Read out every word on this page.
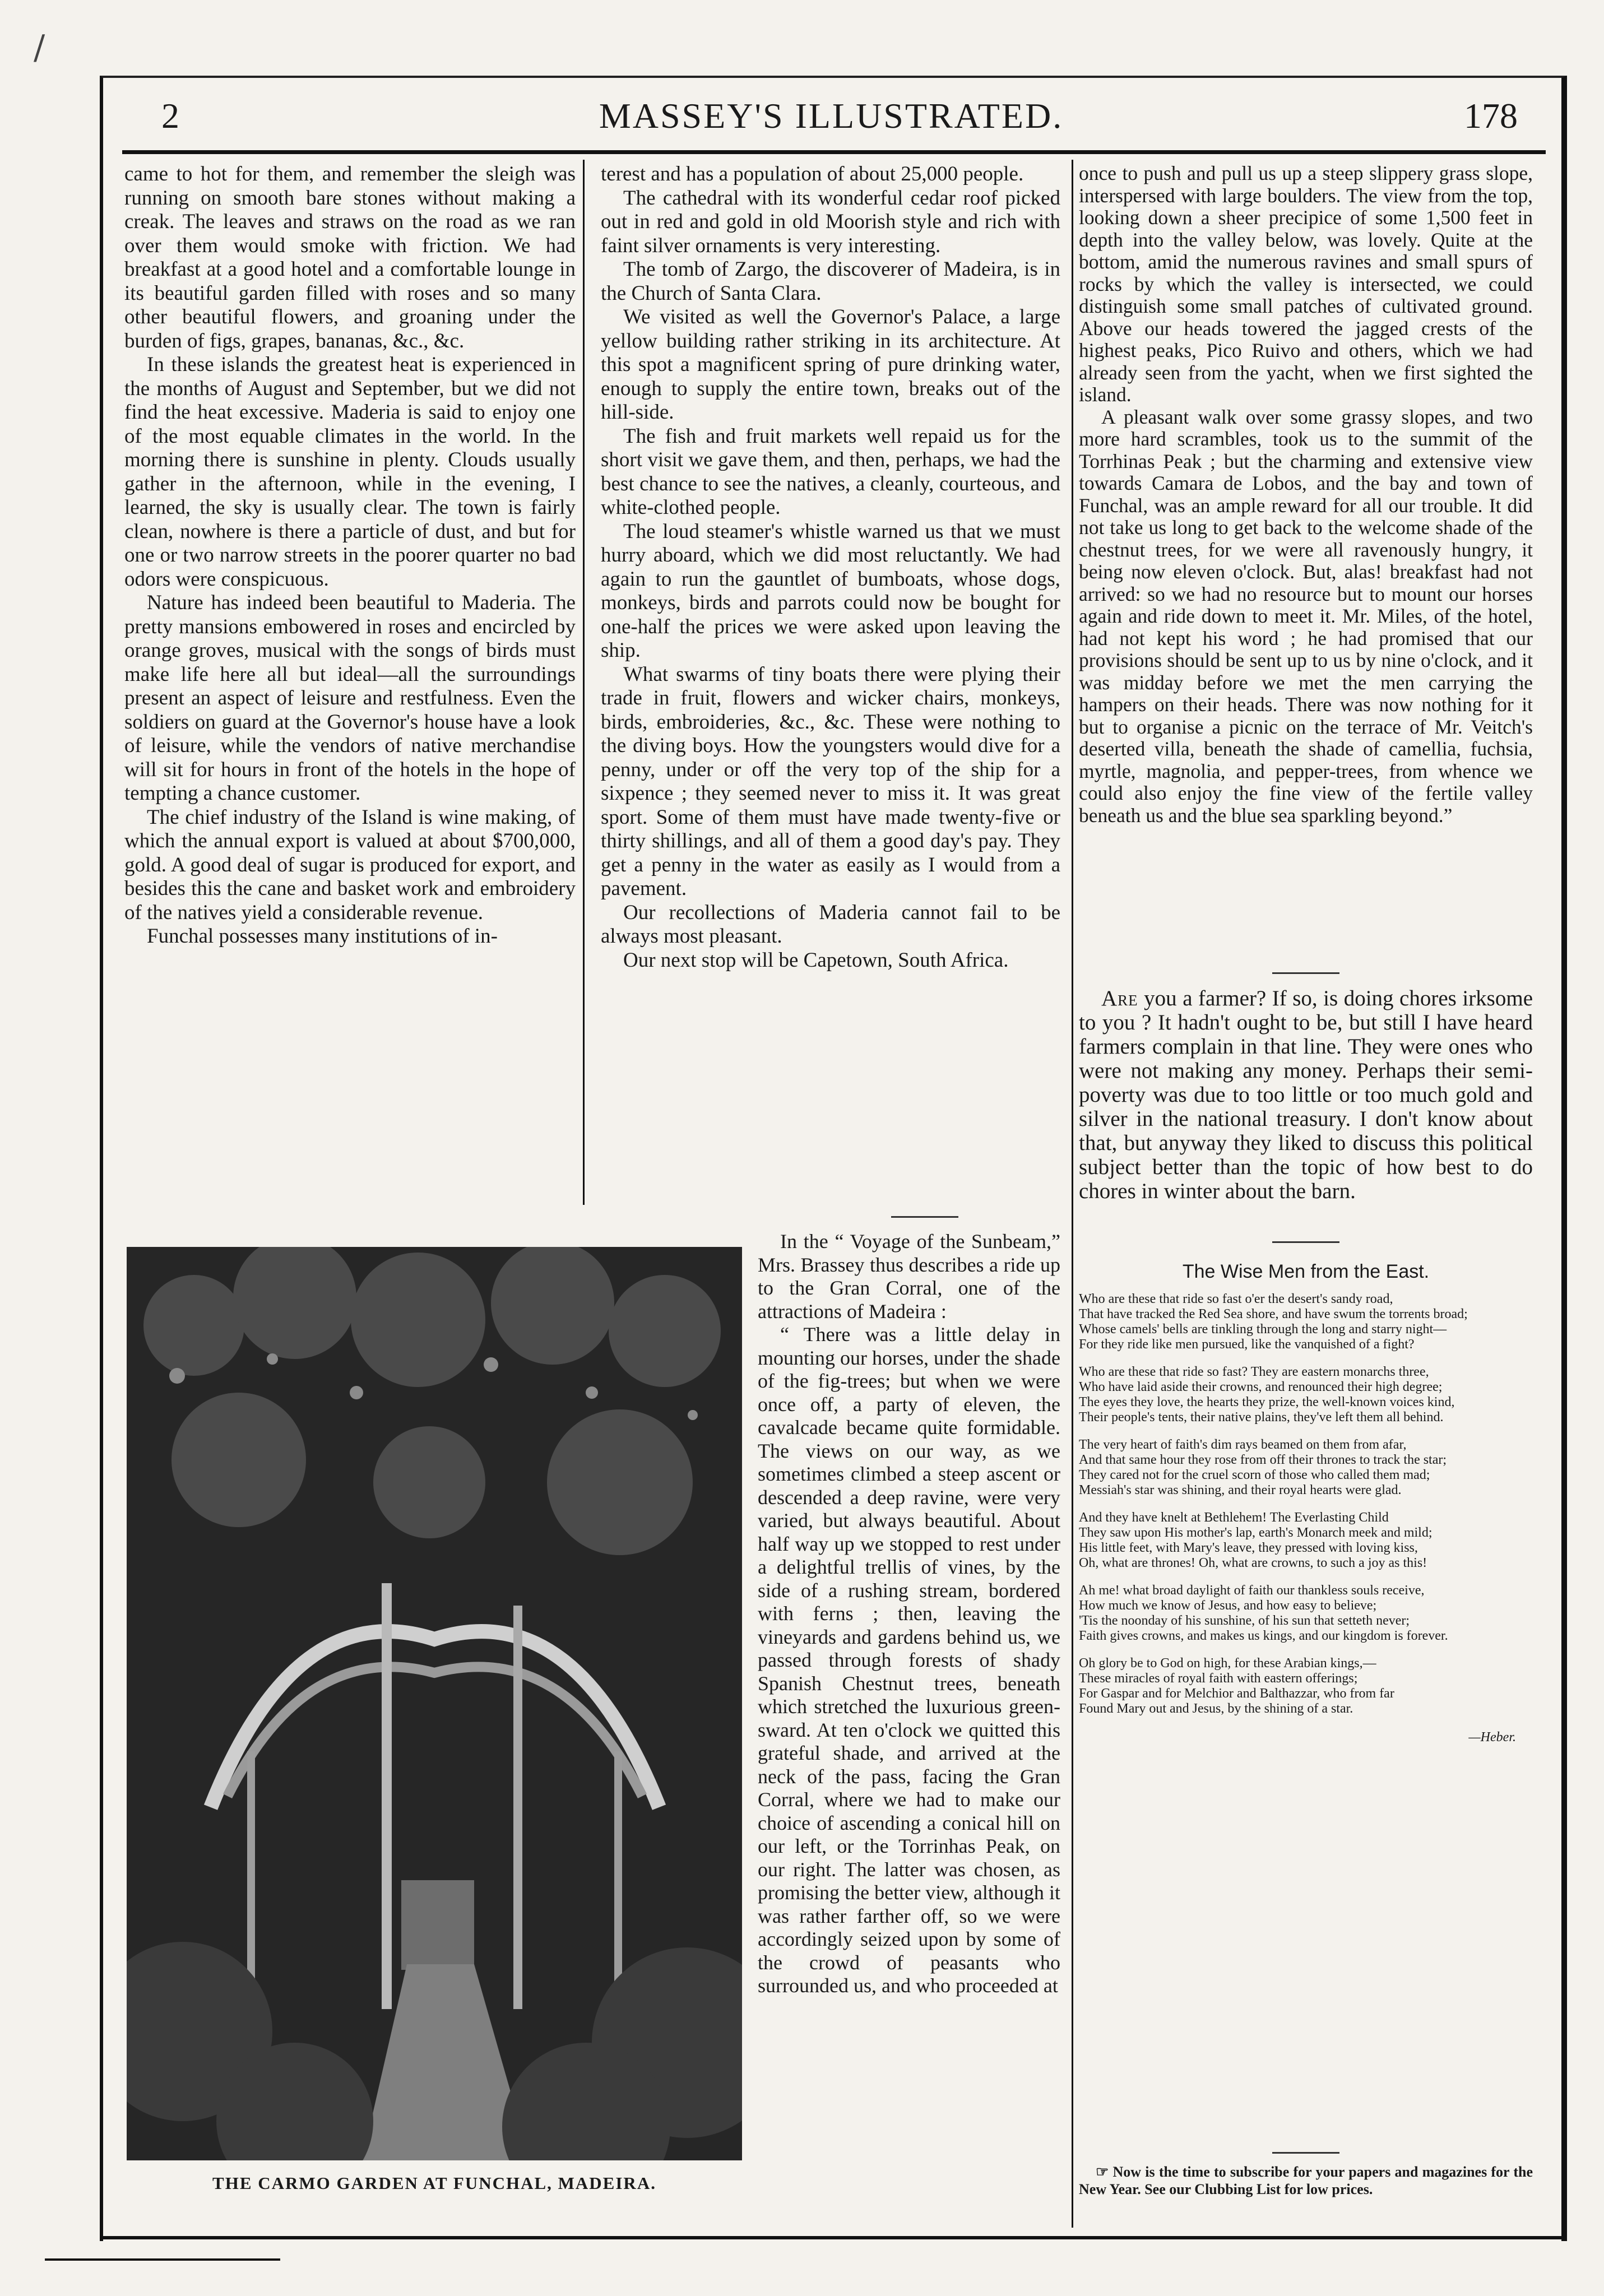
/
2	MASSEY'S ILLUSTRATED.	178

came to hot for them, and remember the sleigh was running on smooth bare stones without making a creak. The leaves and straws on the road as we ran over them would smoke with friction. We had breakfast at a good hotel and a comfortable lounge in its beautiful garden filled with roses and so many other beautiful flowers, and groaning under the burden of figs, grapes, bananas, &c., &c.

In these islands the greatest heat is experienced in the months of August and September, but we did not find the heat excessive. Maderia is said to enjoy one of the most equable climates in the world. In the morning there is sunshine in plenty. Clouds usually gather in the afternoon, while in the evening, I learned, the sky is usually clear. The town is fairly clean, nowhere is there a particle of dust, and but for one or two narrow streets in the poorer quarter no bad odors were conspicuous.

Nature has indeed been beautiful to Maderia. The pretty mansions embowered in roses and encircled by orange groves, musical with the songs of birds must make life here all but ideal—all the surroundings present an aspect of leisure and restfulness. Even the soldiers on guard at the Governor's house have a look of leisure, while the vendors of native merchandise will sit for hours in front of the hotels in the hope of tempting a chance customer.

The chief industry of the Island is wine making, of which the annual export is valued at about $700,000, gold. A good deal of sugar is produced for export, and besides this the cane and basket work and embroidery of the natives yield a considerable revenue.

Funchal possesses many institutions of in-

terest and has a population of about 25,000 people.

The cathedral with its wonderful cedar roof picked out in red and gold in old Moorish style and rich with faint silver ornaments is very interesting.

The tomb of Zargo, the discoverer of Madeira, is in the Church of Santa Clara.

We visited as well the Governor's Palace, a large yellow building rather striking in its architecture. At this spot a magnificent spring of pure drinking water, enough to supply the entire town, breaks out of the hill-side.

The fish and fruit markets well repaid us for the short visit we gave them, and then, perhaps, we had the best chance to see the natives, a cleanly, courteous, and white-clothed people.

The loud steamer's whistle warned us that we must hurry aboard, which we did most reluctantly. We had again to run the gauntlet of bumboats, whose dogs, monkeys, birds and parrots could now be bought for one-half the prices we were asked upon leaving the ship.

What swarms of tiny boats there were plying their trade in fruit, flowers and wicker chairs, monkeys, birds, embroideries, &c., &c. These were nothing to the diving boys. How the youngsters would dive for a penny, under or off the very top of the ship for a sixpence ; they seemed never to miss it. It was great sport. Some of them must have made twenty-five or thirty shillings, and all of them a good day's pay. They get a penny in the water as easily as I would from a pavement.

Our recollections of Maderia cannot fail to be always most pleasant.

Our next stop will be Capetown, South Africa.

In the “ Voyage of the Sunbeam,” Mrs. Brassey thus describes a ride up to the Gran Corral, one of the attractions of Madeira :

“ There was a little delay in mounting our horses, under the shade of the fig-trees; but when we were once off, a party of eleven, the cavalcade became quite formidable. The views on our way, as we sometimes climbed a steep ascent or descended a deep ravine, were very varied, but always beautiful. About half way up we stopped to rest under a delightful trellis of vines, by the side of a rushing stream, bordered with ferns ; then, leaving the vineyards and gardens behind us, we passed through forests of shady Spanish Chestnut trees, beneath which stretched the luxurious green-sward. At ten o'clock we quitted this grateful shade, and arrived at the neck of the pass, facing the Gran Corral, where we had to make our choice of ascending a conical hill on our left, or the Torrinhas Peak, on our right. The latter was chosen, as promising the better view, although it was rather farther off, so we were accordingly seized upon by some of the crowd of peasants who surrounded us, and who proceeded at

THE CARMO GARDEN AT FUNCHAL, MADEIRA.

once to push and pull us up a steep slippery grass slope, interspersed with large boulders. The view from the top, looking down a sheer precipice of some 1,500 feet in depth into the valley below, was lovely. Quite at the bottom, amid the numerous ravines and small spurs of rocks by which the valley is intersected, we could distinguish some small patches of cultivated ground. Above our heads towered the jagged crests of the highest peaks, Pico Ruivo and others, which we had already seen from the yacht, when we first sighted the island.

A pleasant walk over some grassy slopes, and two more hard scrambles, took us to the summit of the Torrhinas Peak ; but the charming and extensive view towards Camara de Lobos, and the bay and town of Funchal, was an ample reward for all our trouble. It did not take us long to get back to the welcome shade of the chestnut trees, for we were all ravenously hungry, it being now eleven o'clock. But, alas! breakfast had not arrived: so we had no resource but to mount our horses again and ride down to meet it. Mr. Miles, of the hotel, had not kept his word ; he had promised that our provisions should be sent up to us by nine o'clock, and it was midday before we met the men carrying the hampers on their heads. There was now nothing for it but to organise a picnic on the terrace of Mr. Veitch's deserted villa, beneath the shade of camellia, fuchsia, myrtle, magnolia, and pepper-trees, from whence we could also enjoy the fine view of the fertile valley beneath us and the blue sea sparkling beyond.”

Are you a farmer? If so, is doing chores irksome to you ? It hadn't ought to be, but still I have heard farmers complain in that line. They were ones who were not making any money. Perhaps their semi-poverty was due to too little or too much gold and silver in the national treasury. I don't know about that, but anyway they liked to discuss this political subject better than the topic of how best to do chores in winter about the barn.

The Wise Men from the East.

Who are these that ride so fast o'er the desert's sandy road,

That have tracked the Red Sea shore, and have swum the torrents broad;

Whose camels' bells are tinkling through the long and starry night—

For they ride like men pursued, like the vanquished of a fight?

Who are these that ride so fast? They are eastern monarchs three,

Who have laid aside their crowns, and renounced their high degree;

The eyes they love, the hearts they prize, the well-known voices kind,

Their people's tents, their native plains, they've left them all behind.

The very heart of faith's dim rays beamed on them from afar,

And that same hour they rose from off their thrones to track the star;

They cared not for the cruel scorn of those who called them mad;

Messiah's star was shining, and their royal hearts were glad.

And they have knelt at Bethlehem! The Everlasting Child

They saw upon His mother's lap, earth's Monarch meek and mild;

His little feet, with Mary's leave, they pressed with loving kiss,

Oh, what are thrones! Oh, what are crowns, to such a joy as this!

Ah me! what broad daylight of faith our thankless souls receive,

How much we know of Jesus, and how easy to believe;

'Tis the noonday of his sunshine, of his sun that setteth never;

Faith gives crowns, and makes us kings, and our kingdom is forever.

Oh glory be to God on high, for these Arabian kings,—

These miracles of royal faith with eastern offerings;

For Gaspar and for Melchior and Balthazzar, who from far

Found Mary out and Jesus, by the shining of a star.

—Heber.

☞ Now is the time to subscribe for your papers and magazines for the New Year. See our Clubbing List for low prices.
